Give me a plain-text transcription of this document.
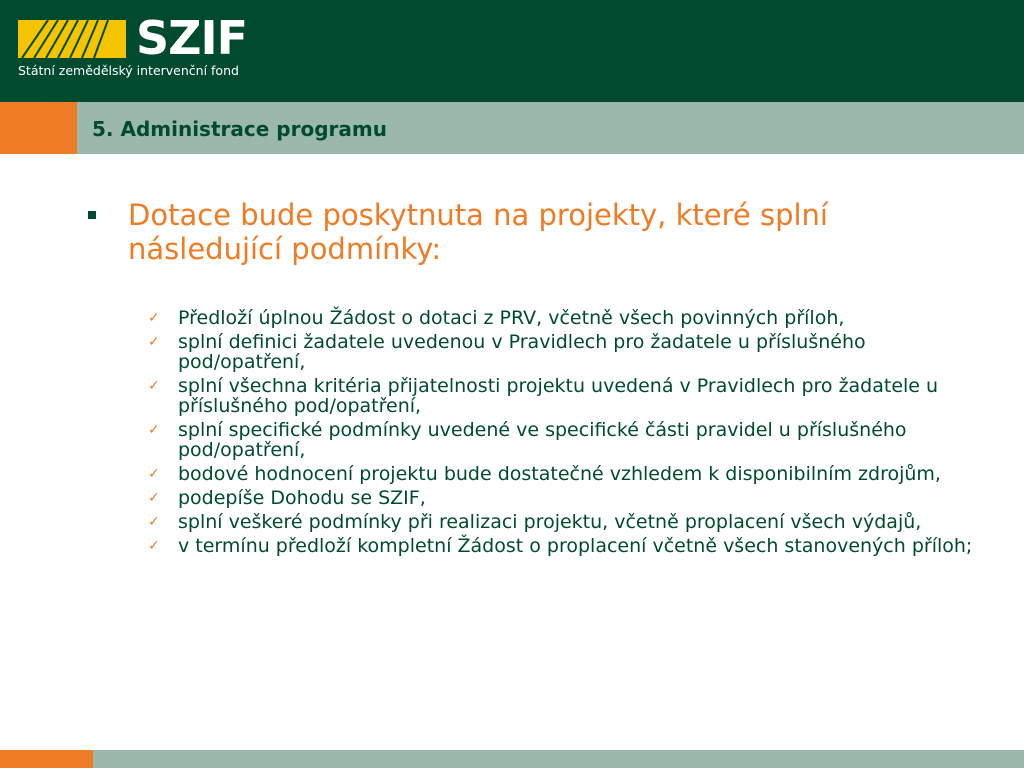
SZIF
Státní zemědělský intervenční fond
5. Administrace programu
Dotace bude poskytnuta na projekty, které splní následující podmínky:
✓ Předloží úplnou Žádost o dotaci z PRV, včetně všech povinných příloh,
✓ splní definici žadatele uvedenou v Pravidlech pro žadatele u příslušného pod/opatření,
✓ splní všechna kritéria přijatelnosti projektu uvedená v Pravidlech pro žadatele u příslušného pod/opatření,
✓ splní specifické podmínky uvedené ve specifické části pravidel u příslušného pod/opatření,
✓ bodové hodnocení projektu bude dostatečné vzhledem k disponibilním zdrojům,
✓ podepíše Dohodu se SZIF,
✓ splní veškeré podmínky při realizaci projektu, včetně proplacení všech výdajů,
✓ v termínu předloží kompletní Žádost o proplacení včetně všech stanovených příloh;
